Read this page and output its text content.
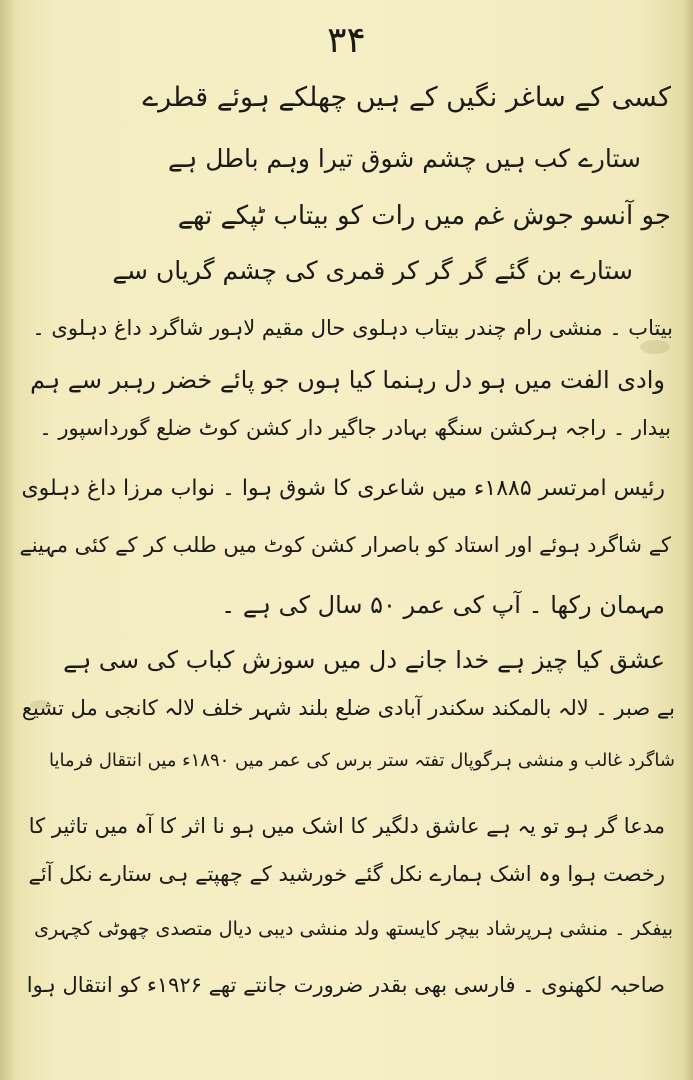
۳۴
کسی کے ساغر نگیں کے ہیں چھلکے ہوئے قطرے
ستارے کب ہیں چشم شوق تیرا وہم باطل ہے
جو آنسو جوش غم میں رات کو بیتاب ٹپکے تھے
ستارے بن گئے گر گر کر قمری کی چشم گریاں سے
بیتاب ۔ منشی رام چندر بیتاب دہلوی حال مقیم لاہور شاگرد داغ دہلوی ۔
وادی الفت میں ہو دل رہنما کیا ہوں جو پائے خضر رہبر سے ہم
بیدار ۔ راجہ ہرکشن سنگھ بہادر جاگیر دار کشن کوٹ ضلع گورداسپور ۔
رئیس امرتسر ۱۸۸۵ء میں شاعری کا شوق ہوا ۔ نواب مرزا داغ دہلوی
کے شاگرد ہوئے اور استاد کو باصرار کشن کوٹ میں طلب کر کے کئی مہینے
مہمان رکھا ۔ آپ کی عمر ۵۰ سال کی ہے ۔
عشق کیا چیز ہے خدا جانے دل میں سوزش کباب کی سی ہے
بے صبر ۔ لالہ بالمکند سکندر آبادی ضلع بلند شہر خلف لالہ کانجی مل تشیع
شاگرد غالب و منشی ہرگوپال تفتہ ستر برس کی عمر میں ۱۸۹۰ء میں انتقال فرمایا
مدعا گر ہو تو یہ ہے عاشق دلگیر کا اشک میں ہو نا اثر کا آہ میں تاثیر کا
رخصت ہوا وہ اشک ہمارے نکل گئے خورشید کے چھپتے ہی ستارے نکل آئے
بیفکر ۔ منشی ہرپرشاد بیچر کایستھ ولد منشی دیبی دیال متصدی چھوٹی کچہری
صاحبہ لکھنوی ۔ فارسی بھی بقدر ضرورت جانتے تھے ۱۹۲۶ء کو انتقال ہوا
